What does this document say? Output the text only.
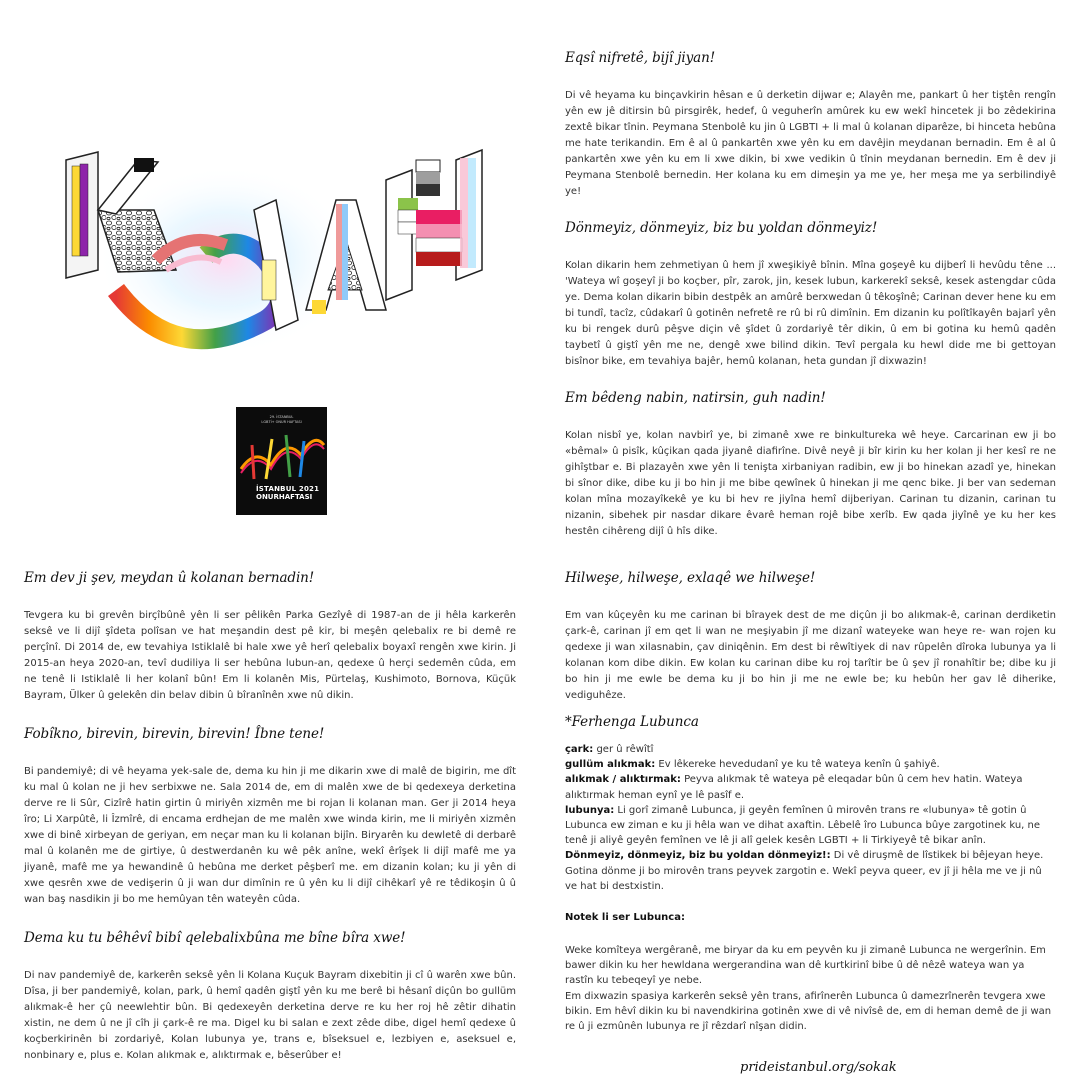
29. İSTANBUL
LGBTİ+ ONUR HAFTASI
İSTANBUL 2021
ONURHAFTASI
Eqsî nifretê, bijî jiyan!

Di vê heyama ku binçavkirin hêsan e û derketin dijwar e; Alayên me, pankart û her tiştên rengîn yên ew jê ditirsin bû pirsgirêk, hedef, û veguherîn amûrek ku ew wekî hincetek ji bo zêdekirina zextê bikar tînin. Peymana Stenbolê ku jin û LGBTI + li mal û kolanan diparêze, bi hinceta hebûna me hate terikandin. Em ê al û pankartên xwe yên ku em davêjin meydanan bernadin. Em ê al û pankartên xwe yên ku em li xwe dikin, bi xwe vedikin û tînin meydanan bernedin. Em ê dev ji Peymana Stenbolê bernedin. Her kolana ku em dimeşin ya me ye, her meşa me ya serbilindiyê ye!

Dönmeyiz, dönmeyiz, biz bu yoldan dönmeyiz!

Kolan dikarin hem zehmetiyan û hem jî xweşikiyê bînin. Mîna goşeyê ku dijberî li hevûdu têne ... 'Wateya wî goşeyî ji bo koçber, pîr, zarok, jin, kesek lubun, karkerekî seksê, kesek astengdar cûda ye. Dema kolan dikarin bibin destpêk an amûrê berxwedan û têkoşînê; Carinan dever hene ku em bi tundî, tacîz, cûdakarî û gotinên nefretê re rû bi rû dimînin. Em dizanin ku polîtîkayên bajarî yên ku bi rengek durû pêşve diçin vê şîdet û zordariyê têr dikin, û em bi gotina ku hemû qadên taybetî û giştî yên me ne, dengê xwe bilind dikin. Tevî pergala ku hewl dide me bi gettoyan bisînor bike, em tevahiya bajêr, hemû kolanan, heta gundan jî dixwazin!

Em bêdeng nabin, natirsin, guh nadin!

Kolan nisbî ye, kolan navbirî ye, bi zimanê xwe re binkultureka wê heye. Carcarinan ew ji bo «bêmal» û pisîk, kûçikan qada jiyanê diafirîne. Divê neyê ji bîr kirin ku her kolan ji her kesî re ne gihîştbar e. Bi plazayên xwe yên li tenişta xirbaniyan radibin, ew ji bo hinekan azadî ye, hinekan bi sînor dike, dibe ku ji bo hin ji me bibe qewînek û hinekan ji me qenc bike. Ji ber van sedeman kolan mîna mozayîkekê ye ku bi hev re jiyîna hemî dijberiyan. Carinan tu dizanin, carinan tu nizanin, sibehek pir nasdar dikare êvarê heman rojê bibe xerîb. Ew qada jiyînê ye ku her kes hestên cihêreng dijî û hîs dike.

Em dev ji şev, meydan û kolanan bernadin!

Tevgera ku bi grevên birçîbûnê yên li ser pêlikên Parka Gezîyê di 1987-an de ji hêla karkerên seksê ve li dijî şîdeta polîsan ve hat meşandin dest pê kir, bi meşên qelebalix re bi demê re perçînî. Di 2014 de, ew tevahiya Istiklalê bi hale xwe yê herî qelebalix boyaxî rengên xwe kirin. Ji 2015-an heya 2020-an, tevî dudiliya li ser hebûna lubun-an, qedexe û herçi sedemên cûda, em ne tenê li Istiklalê li her kolanî bûn! Em li kolanên Mis, Pürtelaş, Kushimoto, Bornova, Küçük Bayram, Ülker û gelekên din belav dibin û bîranînên xwe nû dikin.

Fobîkno, birevin, birevin, birevin! Îbne tene!

Bi pandemiyê; di vê heyama yek-sale de, dema ku hin ji me dikarin xwe di malê de bigirin, me dît ku mal û kolan ne ji hev serbixwe ne. Sala 2014 de, em di malên xwe de bi qedexeya derketina derve re li Sûr, Cizîrê hatin girtin û miriyên xizmên me bi rojan li kolanan man. Ger ji 2014 heya îro; Li Xarpûtê, li Îzmîrê, di encama erdhejan de me malên xwe winda kirin, me li miriyên xizmên xwe di binê xirbeyan de geriyan, em neçar man ku li kolanan bijîn. Biryarên ku dewletê di derbarê mal û kolanên me de girtiye, û destwerdanên ku wê pêk anîne, wekî êrîşek li dijî mafê me ya jiyanê, mafê me ya hewandinê û hebûna me derket pêşberî me. em dizanin kolan; ku ji yên di xwe qesrên xwe de vedişerin û ji wan dur dimînin re û yên ku li dijî cihêkarî yê re têdikoşin û û wan baş nasdikin ji bo me hemûyan tên wateyên cûda.

Dema ku tu bêhêvî bibî qelebalixbûna me bîne bîra xwe!

Di nav pandemiyê de, karkerên seksê yên li Kolana Kuçuk Bayram dixebitin ji cî û warên xwe bûn. Dîsa, ji ber pandemiyê, kolan, park, û hemî qadên giştî yên ku me berê bi hêsanî diçûn bo gullüm alıkmak-ê her çû neewlehtir bûn. Bi qedexeyên derketina derve re ku her roj hê zêtir dihatin xistin, ne dem û ne jî cîh ji çark-ê re ma. Digel ku bi salan e zext zêde dibe, digel hemî qedexe û koçberkirinên bi zordariyê, Kolan lubunya ye, trans e, bîseksuel e, lezbiyen e, aseksuel e, nonbinary e, plus e. Kolan alıkmak e, alıktırmak e, bêserûber e!

Hilweşe, hilweşe, exlaqê we hilweşe!

Em van kûçeyên ku me carinan bi bîrayek dest de me diçûn ji bo alıkmak-ê, carinan derdiketin çark-ê, carinan jî em qet li wan ne meşiyabin jî me dizanî wateyeke wan heye re- wan rojen ku qedexe ji wan xilasnabin, çav diniqênin. Em dest bi rêwîtiyek di nav rûpelên dîroka lubunya ya li kolanan kom dibe dikin. Ew kolan ku carinan dibe ku roj tarîtir be û şev jî ronahîtir be; dibe ku ji bo hin ji me ewle be dema ku ji bo hin ji me ne ewle be; ku hebûn her gav lê diherike, vediguhêze.

*Ferhenga Lubunca

çark: ger û rêwîtî

gullüm alıkmak: Ev lêkereke hevedudanî ye ku tê wateya kenîn û şahiyê.

alıkmak / alıktırmak: Peyva alıkmak tê wateya pê eleqadar bûn û cem hev hatin. Wateya alıktırmak heman eynî ye lê pasîf e.

lubunya: Li gorî zimanê Lubunca, ji geyên femînen û mirovên trans re «lubunya» tê gotin û Lubunca ew ziman e ku ji hêla wan ve dihat axaftin. Lêbelê îro Lubunca bûye zargotinek ku, ne tenê ji aliyê geyên femînen ve lê ji alî gelek kesên LGBTI + li Tirkiyeyê tê bikar anîn.

Dönmeyiz, dönmeyiz, biz bu yoldan dönmeyiz!: Di vê diruşmê de lîstikek bi bêjeyan heye. Gotina dönme ji bo mirovên trans peyvek zargotin e. Wekî peyva queer, ev jî ji hêla me ve ji nû ve hat bi destxistin.

Notek li ser Lubunca:

Weke komîteya wergêranê, me biryar da ku em peyvên ku ji zimanê Lubunca ne wergerînin. Em bawer dikin ku her hewldana wergerandina wan dê kurtkirinî bibe û dê nêzê wateya wan ya rastîn ku tebeqeyî ye nebe.

Em dixwazin spasiya karkerên seksê yên trans, afirînerên Lubunca û damezrînerên tevgera xwe bikin. Em hêvî dikin ku bi navendkirina gotinên xwe di vê nivîsê de, em di heman demê de ji wan re û ji ezmûnên lubunya re jî rêzdarî nîşan didin.

prideistanbul.org/sokak
